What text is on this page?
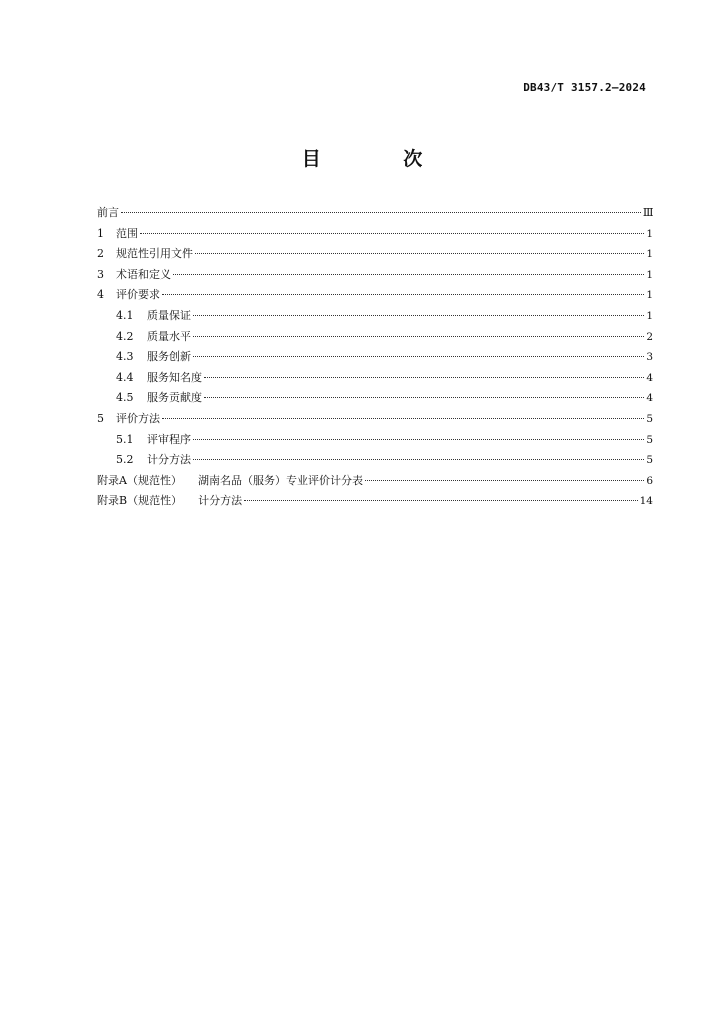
DB43/T 3157.2—2024
目 次
前言	Ⅲ
1	范围	1
2	规范性引用文件	1
3	术语和定义	1
4	评价要求	1
4.1	质量保证	1
4.2	质量水平	2
4.3	服务创新	3
4.4	服务知名度	4
4.5	服务贡献度	4
5	评价方法	5
5.1	评审程序	5
5.2	计分方法	5
附录A（规范性） 湖南名品（服务）专业评价计分表	6
附录B（规范性） 计分方法	14
